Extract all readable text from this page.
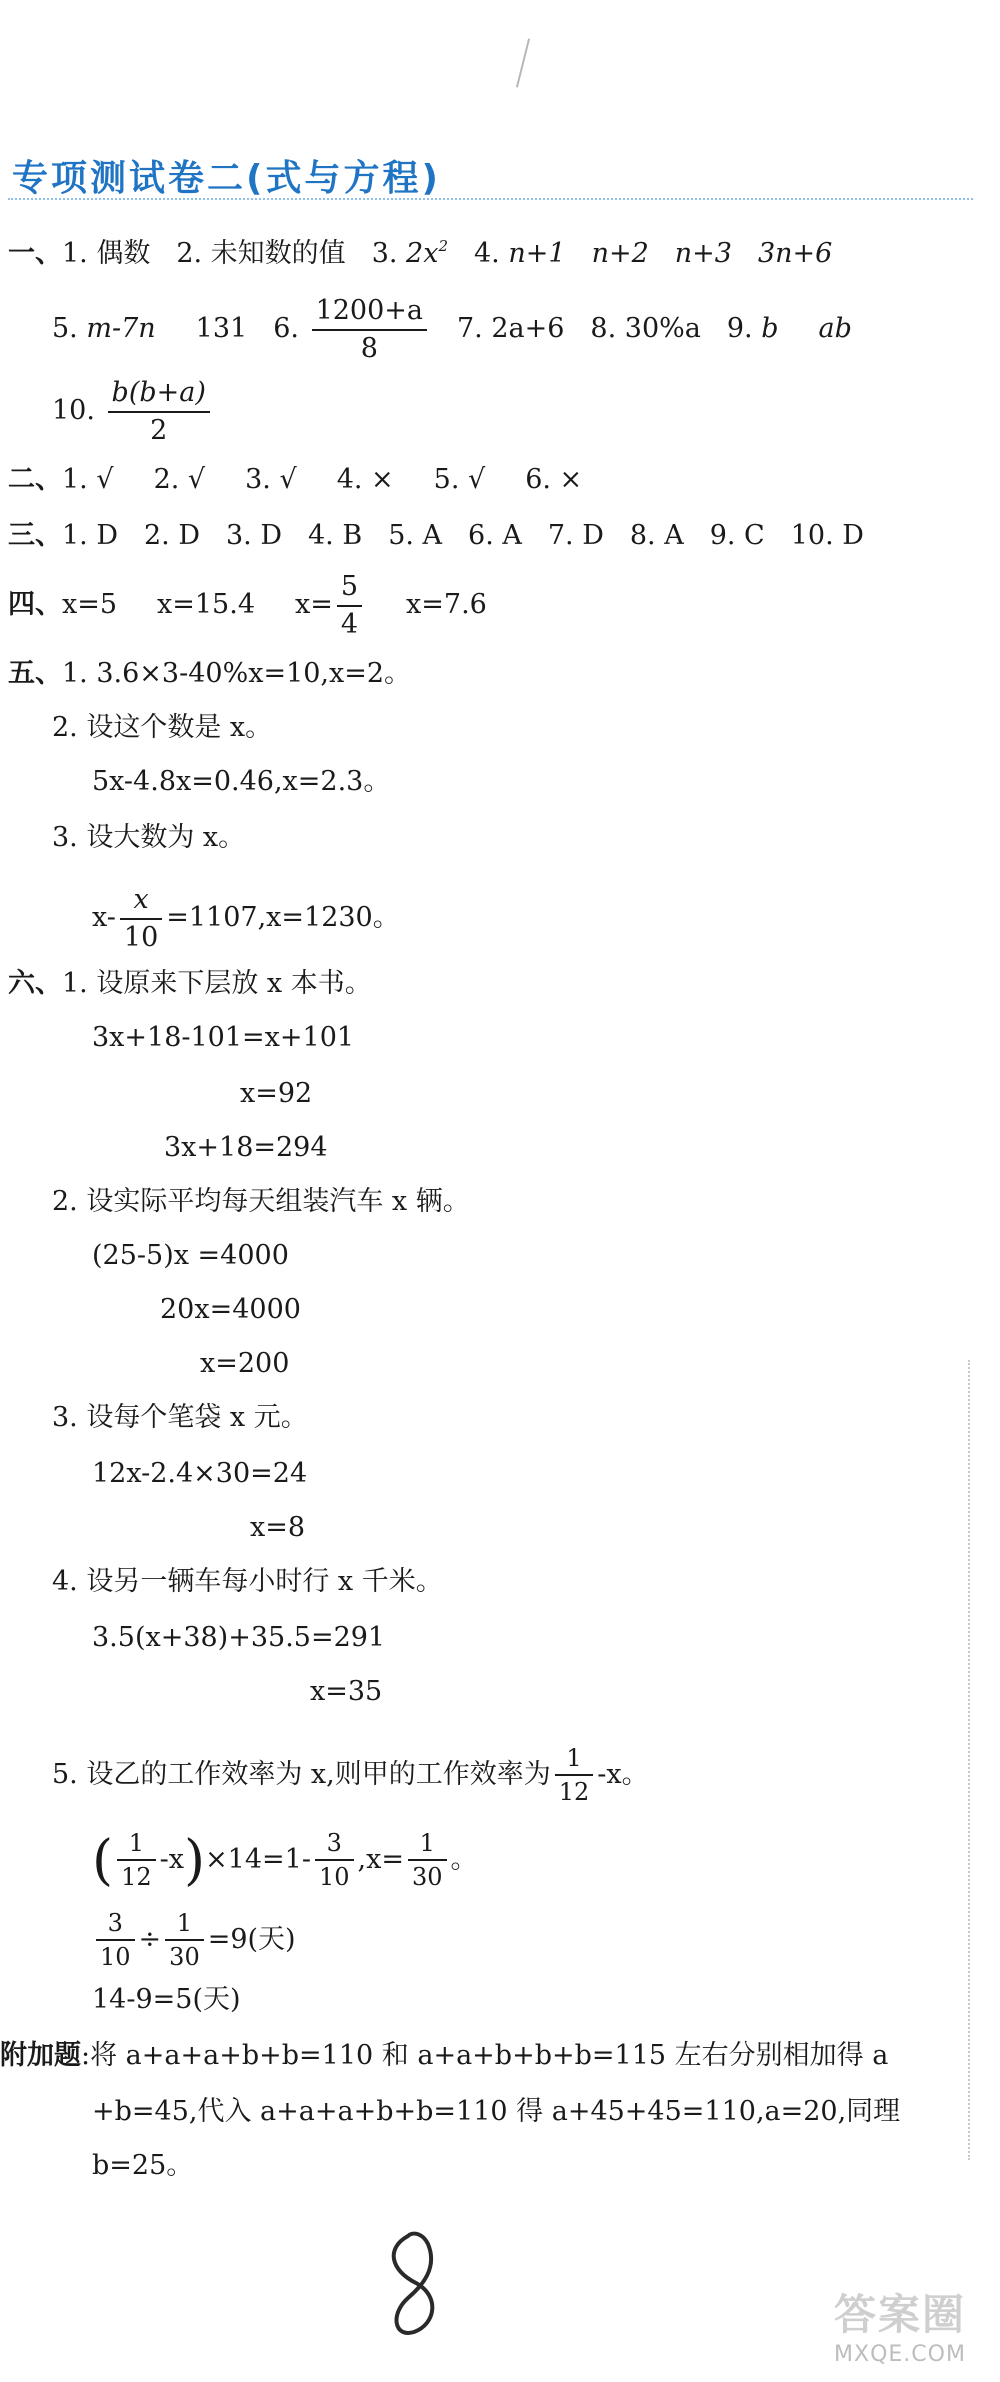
专项测试卷二(式与方程)
一、1. 偶数 2. 未知数的值 3. $2x^2$ 4. n+1 n+2 n+3 3n+6
5. m-7n 131 6. $\frac{1200+a}{8} 7$. 2a+6 8. 30%a 9. b ab
10. $\frac{b(b+a)}{2}$
二、1. √ 2. √ 3. √ 4. × 5. √ 6. ×
三、1. D 2. D 3. D 4. B 5. A 6. A 7. D 8. A 9. C 10. D
四、x=5 x=15.4 $x= \frac{5}{4} x=7.6$
五、1. 3.6×3-40%x=10,x=2。
2. 设这个数是 x。
5x-4.8x=0.46,x=2.3。
3. 设大数为 x。
$x- \frac{x}{10} =1107,x=1230$。
六、1. 设原来下层放 x 本书。
3x+18-101=x+101
x=92
3x+18=294
2. 设实际平均每天组装汽车 x 辆。
(25-5)x =4000
20x=4000
x=200
3. 设每个笔袋 x 元。
12x-2.4×30=24
x=8
4. 设另一辆车每小时行 x 千米。
3.5(x+38)+35.5=291
x=35
5. 设乙的工作效率为 x,则甲的工作效率为 $\frac{1}{12} -x$。
( $\frac{1}{12} -x)\times 14=1- \frac{3}{10} ,x= \frac{1}{30}$ 。
$\frac{3}{10} \div \frac{1}{30} =9$(天)
14-9=5(天)
附加题:将 a+a+a+b+b=110 和 a+a+b+b+b=115 左右分别相加得 a
+b=45,代入 a+a+a+b+b=110 得 a+45+45=110,a=20,同理
b=25。
答案圈
MXQE.COM
